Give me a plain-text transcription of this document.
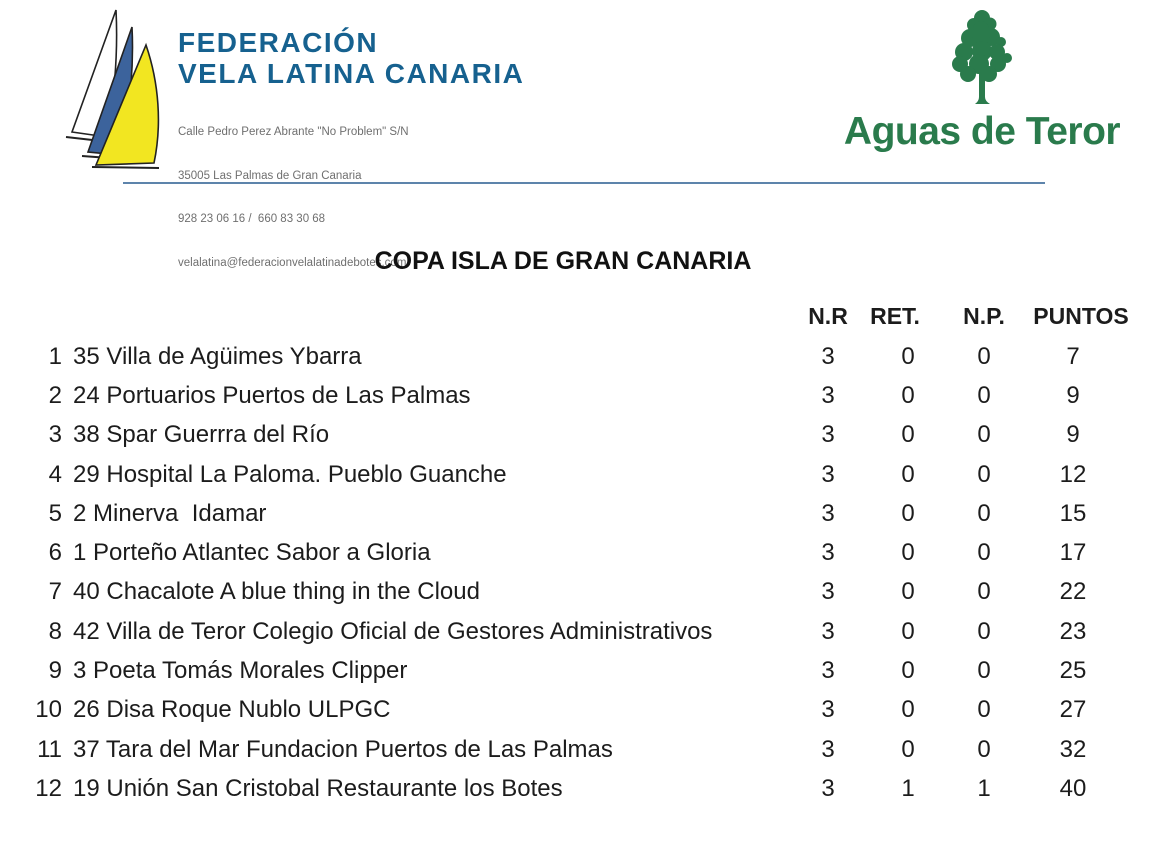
FEDERACIÓN
VELA LATINA CANARIA

Calle Pedro Perez Abrante "No Problem" S/N

35005 Las Palmas de Gran Canaria

928 23 06 16 /  660 83 30 68

velalatina@federacionvelalatinadebotes.com

Aguas de Teror
COPA ISLA DE GRAN CANARIA
N.R RET.	N.P.	PUNTOS
1 35 Villa de Agüimes Ybarra	3	0	0	7
2 24 Portuarios Puertos de Las Palmas	3	0	0	9
3 38 Spar Guerrra del Río	3	0	0	9
4 29 Hospital La Paloma. Pueblo Guanche	3	0	0	12
5 2 Minerva  Idamar	3	0	0	15
6 1 Porteño Atlantec Sabor a Gloria	3	0	0	17
7 40 Chacalote A blue thing in the Cloud	3	0	0	22
8 42 Villa de Teror Colegio Oficial de Gestores Administrativos	3	0	0	23
9 3 Poeta Tomás Morales Clipper	3	0	0	25
10 26 Disa Roque Nublo ULPGC	3	0	0	27
11 37 Tara del Mar Fundacion Puertos de Las Palmas	3	0	0	32
12 19 Unión San Cristobal Restaurante los Botes	3	1	1	40
